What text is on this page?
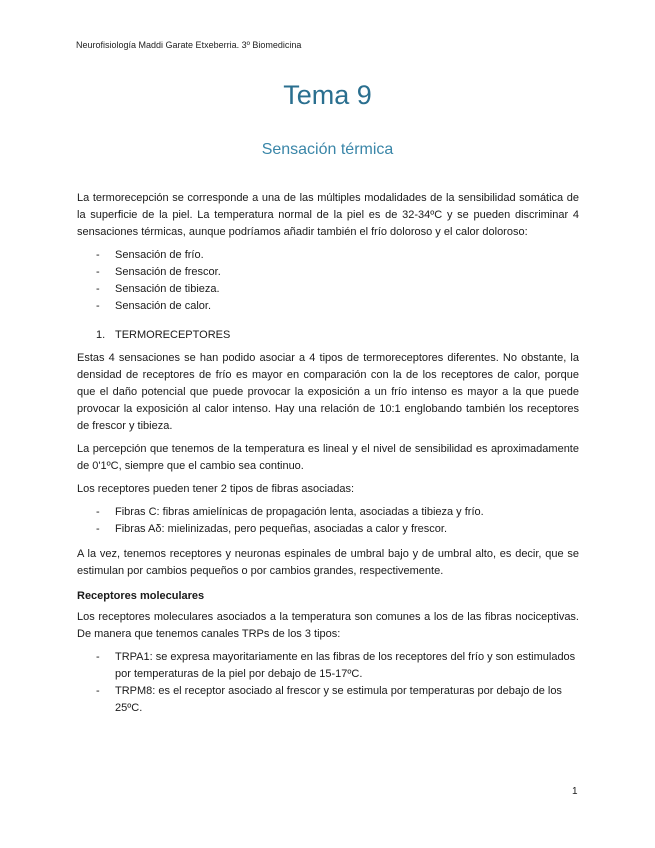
Neurofisiología Maddi Garate Etxeberria. 3º Biomedicina
Tema 9
Sensación térmica

La termorecepción se corresponde a una de las múltiples modalidades de la sensibilidad somática de la superficie de la piel. La temperatura normal de la piel es de 32-34ºC y se pueden discriminar 4 sensaciones térmicas, aunque podríamos añadir también el frío doloroso y el calor doloroso:

- Sensación de frío.
- Sensación de frescor.
- Sensación de tibieza.
- Sensación de calor.
1. TERMORECEPTORES

Estas 4 sensaciones se han podido asociar a 4 tipos de termoreceptores diferentes. No obstante, la densidad de receptores de frío es mayor en comparación con la de los receptores de calor, porque que el daño potencial que puede provocar la exposición a un frío intenso es mayor a la que puede provocar la exposición al calor intenso. Hay una relación de 10:1 englobando también los receptores de frescor y tibieza.

La percepción que tenemos de la temperatura es lineal y el nivel de sensibilidad es aproximadamente de 0'1ºC, siempre que el cambio sea continuo.

Los receptores pueden tener 2 tipos de fibras asociadas:

- Fibras C: fibras amielínicas de propagación lenta, asociadas a tibieza y frío.
- Fibras Aδ: mielinizadas, pero pequeñas, asociadas a calor y frescor.

A la vez, tenemos receptores y neuronas espinales de umbral bajo y de umbral alto, es decir, que se estimulan por cambios pequeños o por cambios grandes, respectivemente.

Receptores moleculares

Los receptores moleculares asociados a la temperatura son comunes a los de las fibras nociceptivas. De manera que tenemos canales TRPs de los 3 tipos:

- TRPA1: se expresa mayoritariamente en las fibras de los receptores del frío y son estimulados por temperaturas de la piel por debajo de 15-17ºC.
- TRPM8: es el receptor asociado al frescor y se estimula por temperaturas por debajo de los 25ºC.
1
